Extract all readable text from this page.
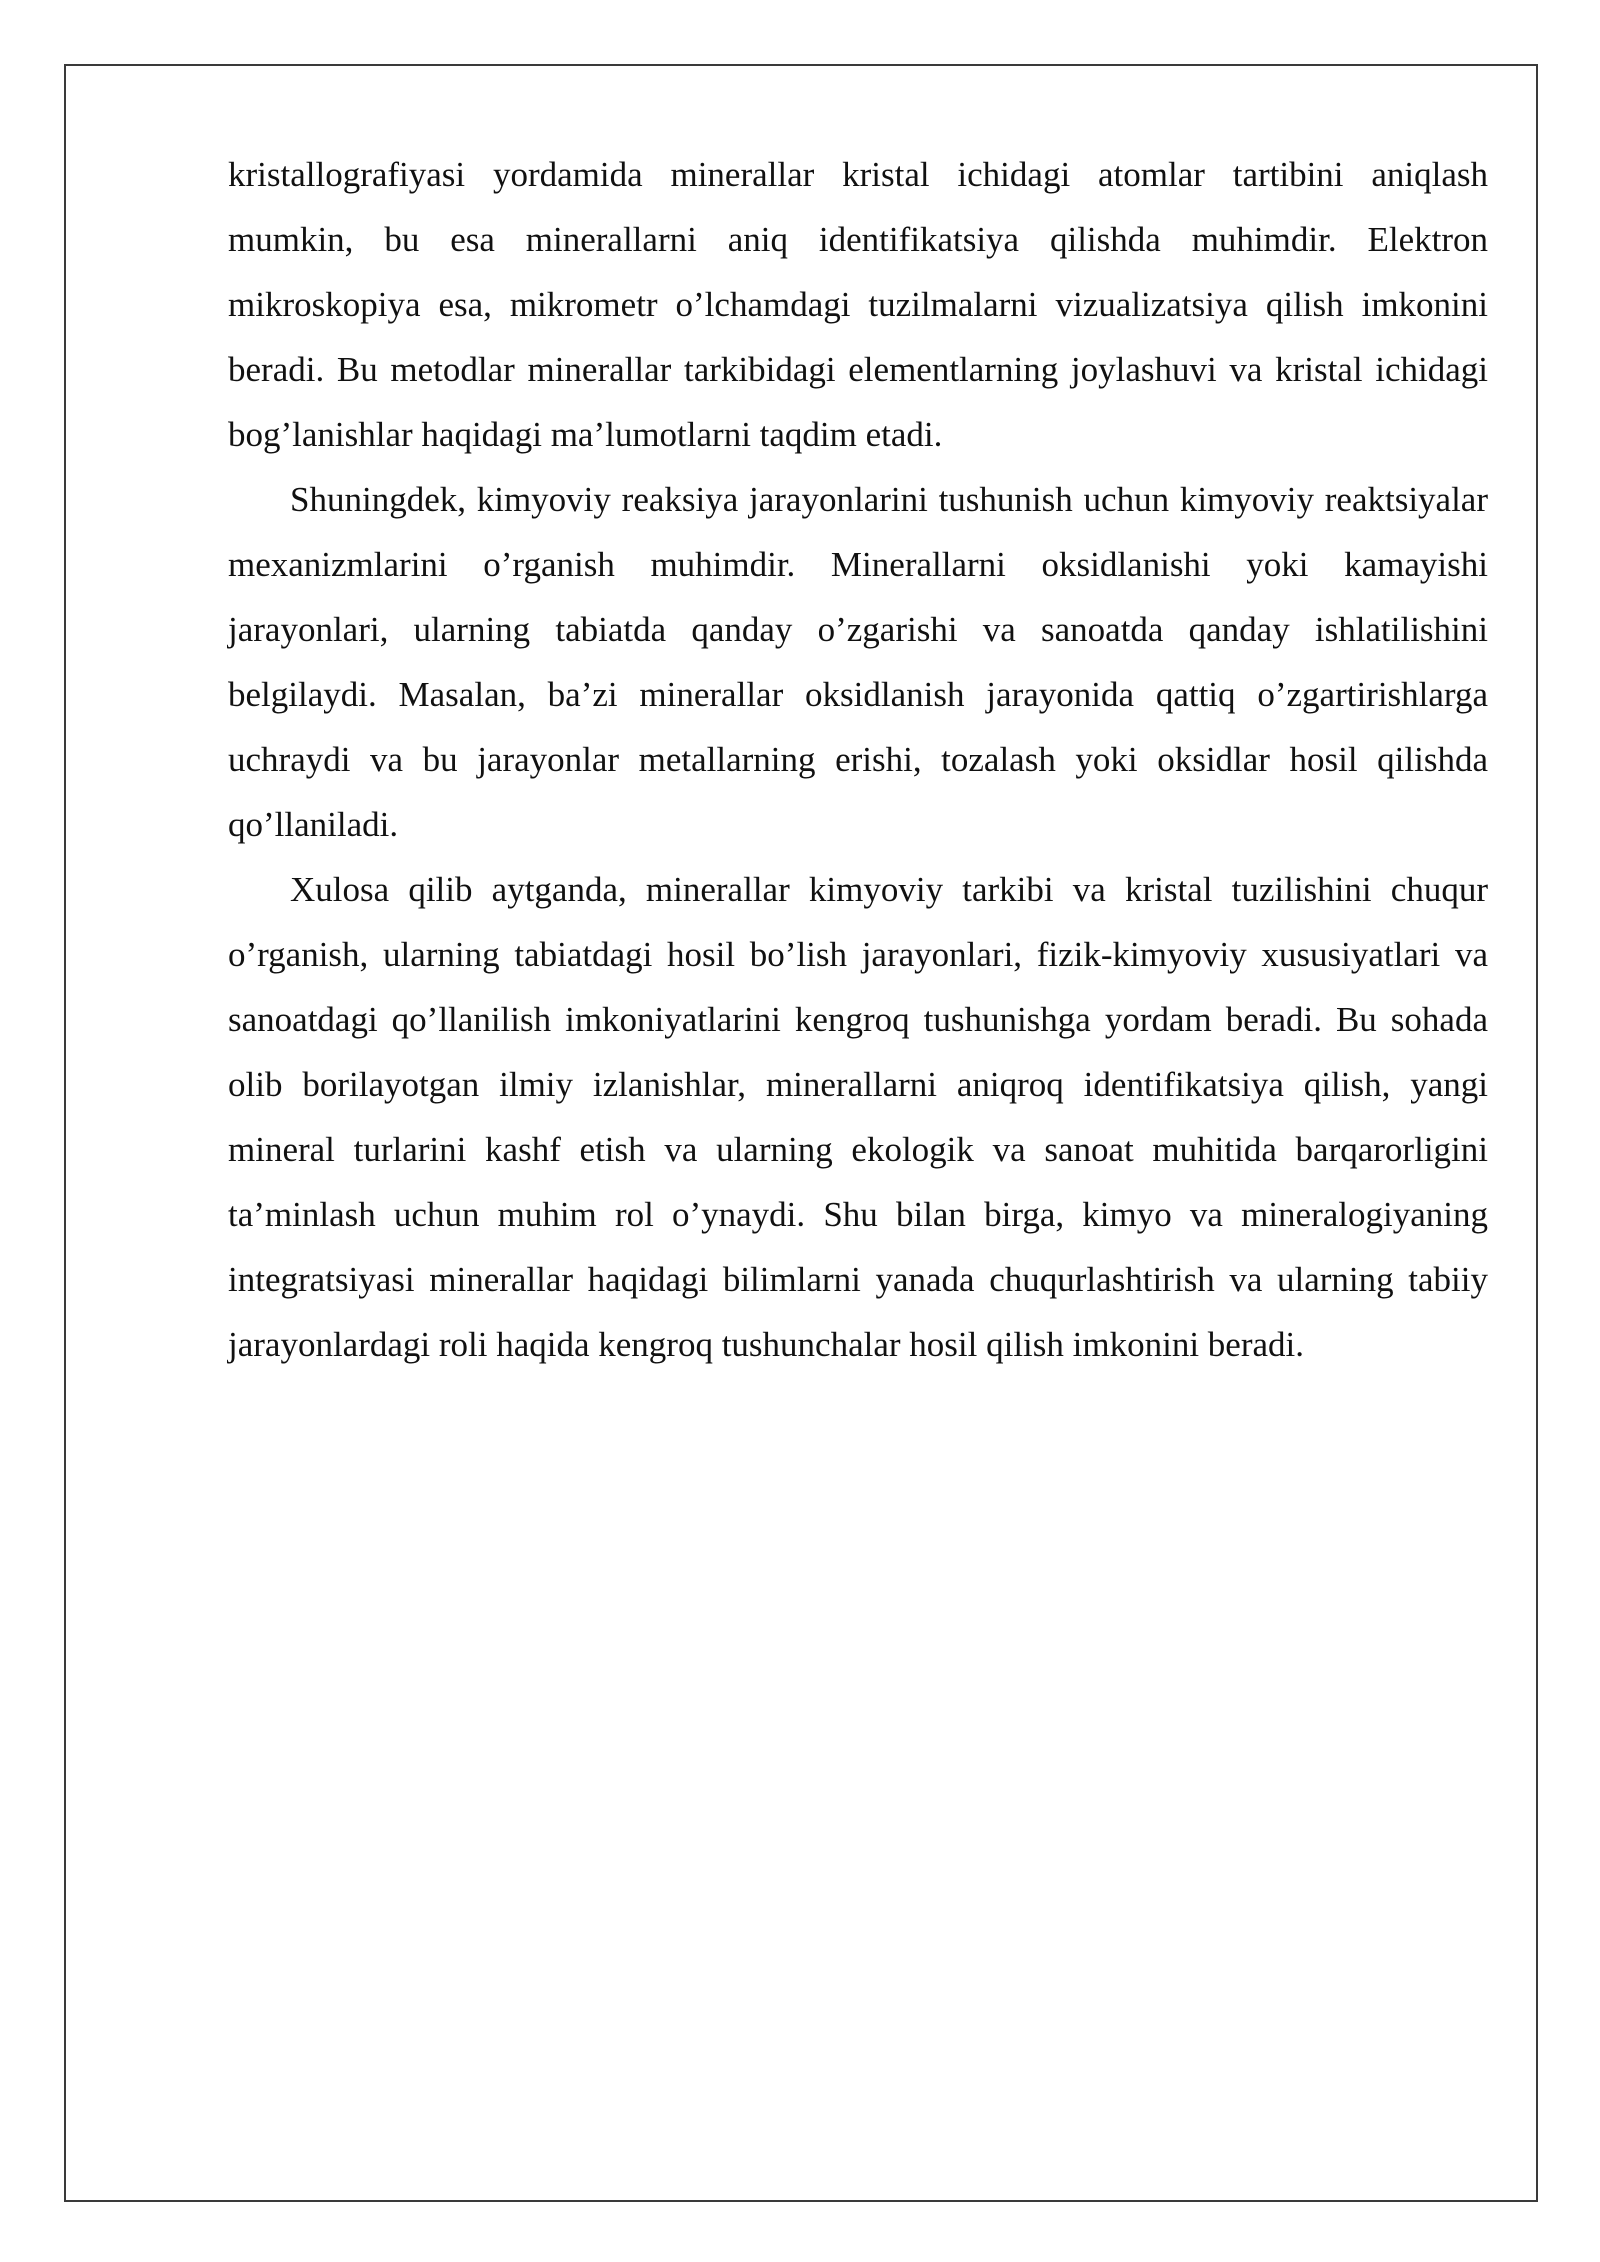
kristallografiyasi yordamida minerallar kristal ichidagi atomlar tartibini aniqlash mumkin, bu esa minerallarni aniq identifikatsiya qilishda muhimdir. Elektron mikroskopiya esa, mikrometr o’lchamdagi tuzilmalarni vizualizatsiya qilish imkonini beradi. Bu metodlar minerallar tarkibidagi elementlarning joylashuvi va kristal ichidagi bog’lanishlar haqidagi ma’lumotlarni taqdim etadi.

Shuningdek, kimyoviy reaksiya jarayonlarini tushunish uchun kimyoviy reaktsiyalar mexanizmlarini o’rganish muhimdir. Minerallarni oksidlanishi yoki kamayishi jarayonlari, ularning tabiatda qanday o’zgarishi va sanoatda qanday ishlatilishini belgilaydi. Masalan, ba’zi minerallar oksidlanish jarayonida qattiq o’zgartirishlarga uchraydi va bu jarayonlar metallarning erishi, tozalash yoki oksidlar hosil qilishda qo’llaniladi.

Xulosa qilib aytganda, minerallar kimyoviy tarkibi va kristal tuzilishini chuqur o’rganish, ularning tabiatdagi hosil bo’lish jarayonlari, fizik-kimyoviy xususiyatlari va sanoatdagi qo’llanilish imkoniyatlarini kengroq tushunishga yordam beradi. Bu sohada olib borilayotgan ilmiy izlanishlar, minerallarni aniqroq identifikatsiya qilish, yangi mineral turlarini kashf etish va ularning ekologik va sanoat muhitida barqarorligini ta’minlash uchun muhim rol o’ynaydi. Shu bilan birga, kimyo va mineralogiyaning integratsiyasi minerallar haqidagi bilimlarni yanada chuqurlashtirish va ularning tabiiy jarayonlardagi roli haqida kengroq tushunchalar hosil qilish imkonini beradi.
